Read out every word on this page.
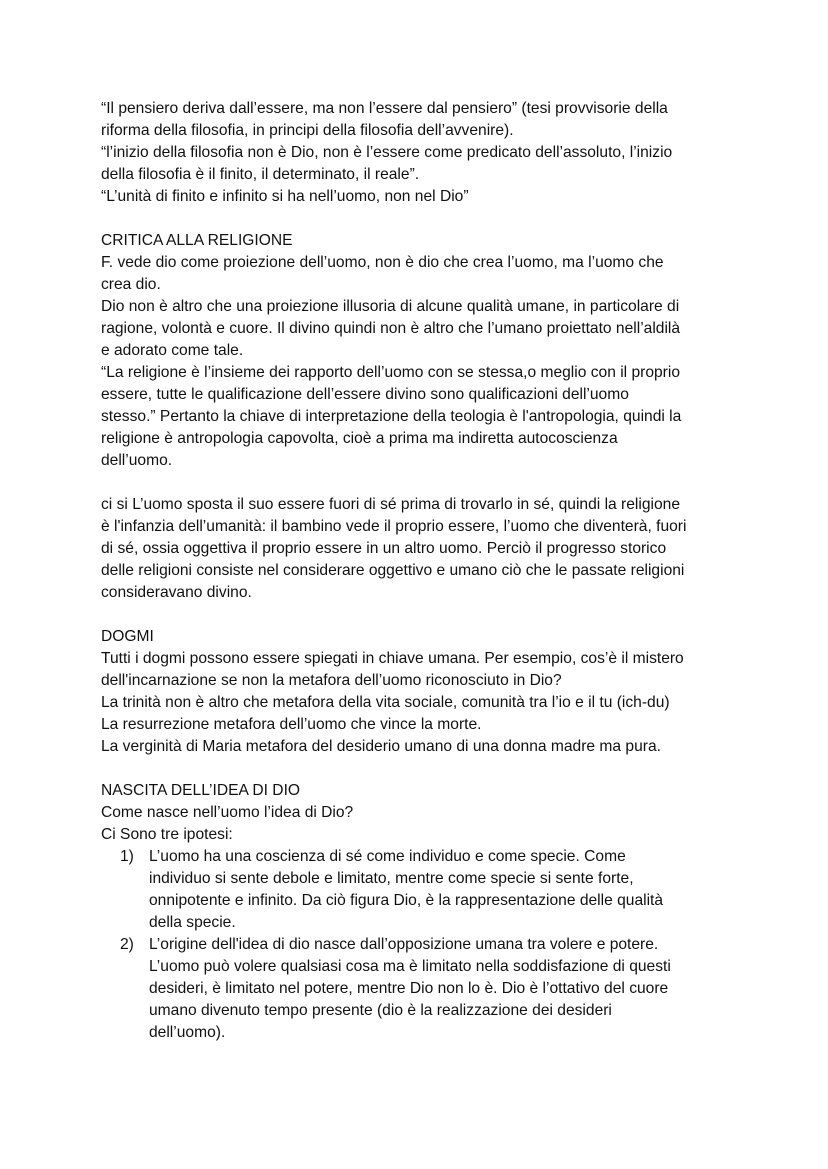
“Il pensiero deriva dall’essere, ma non l’essere dal pensiero” (tesi provvisorie della
riforma della filosofia, in principi della filosofia dell’avvenire).
“l’inizio della filosofia non è Dio, non è l’essere come predicato dell’assoluto, l’inizio
della filosofia è il finito, il determinato, il reale”.
“L’unità di finito e infinito si ha nell’uomo, non nel Dio”
CRITICA ALLA RELIGIONE
F. vede dio come proiezione dell’uomo, non è dio che crea l’uomo, ma l’uomo che
crea dio.
Dio non è altro che una proiezione illusoria di alcune qualità umane, in particolare di
ragione, volontà e cuore. Il divino quindi non è altro che l’umano proiettato nell’aldilà
e adorato come tale.
“La religione è l’insieme dei rapporto dell’uomo con se stessa,o meglio con il proprio
essere, tutte le qualificazione dell’essere divino sono qualificazioni dell’uomo
stesso.” Pertanto la chiave di interpretazione della teologia è l'antropologia, quindi la
religione è antropologia capovolta, cioè a prima ma indiretta autocoscienza
dell’uomo.
ci si L’uomo sposta il suo essere fuori di sé prima di trovarlo in sé, quindi la religione
è l'infanzia dell’umanità: il bambino vede il proprio essere, l’uomo che diventerà, fuori
di sé, ossia oggettiva il proprio essere in un altro uomo. Perciò il progresso storico
delle religioni consiste nel considerare oggettivo e umano ciò che le passate religioni
consideravano divino.
DOGMI
Tutti i dogmi possono essere spiegati in chiave umana. Per esempio, cos’è il mistero
dell'incarnazione se non la metafora dell’uomo riconosciuto in Dio?
La trinità non è altro che metafora della vita sociale, comunità tra l’io e il tu (ich-du)
La resurrezione metafora dell’uomo che vince la morte.
La verginità di Maria metafora del desiderio umano di una donna madre ma pura.
NASCITA DELL’IDEA DI DIO
Come nasce nell’uomo l’idea di Dio?
Ci Sono tre ipotesi:
1) L’uomo ha una coscienza di sé come individuo e come specie. Come
individuo si sente debole e limitato, mentre come specie si sente forte,
onnipotente e infinito. Da ciò figura Dio, è la rappresentazione delle qualità
della specie.
2) L’origine dell'idea di dio nasce dall’opposizione umana tra volere e potere.
L’uomo può volere qualsiasi cosa ma è limitato nella soddisfazione di questi
desideri, è limitato nel potere, mentre Dio non lo è. Dio è l’ottativo del cuore
umano divenuto tempo presente (dio è la realizzazione dei desideri
dell’uomo).
